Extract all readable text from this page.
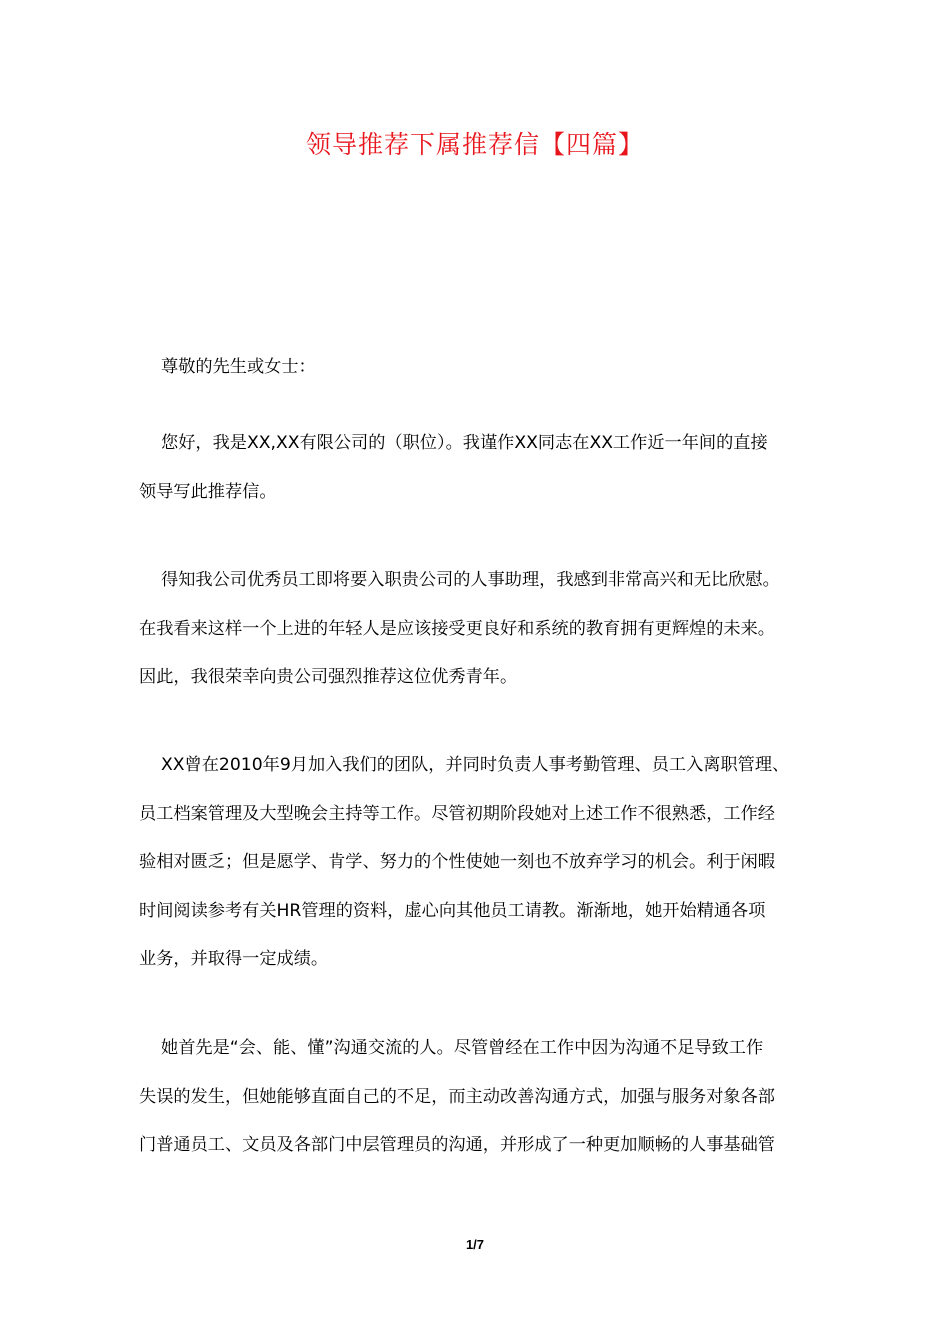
领导推荐下属推荐信【四篇】

尊敬的先生或女士：

您好，我是XX,XX有限公司的（职位）。我谨作XX同志在XX工作近一年间的直接
领导写此推荐信。

得知我公司优秀员工即将要入职贵公司的人事助理，我感到非常高兴和无比欣慰。
在我看来这样一个上进的年轻人是应该接受更良好和系统的教育拥有更辉煌的未来。
因此，我很荣幸向贵公司强烈推荐这位优秀青年。

XX曾在2010年9月加入我们的团队，并同时负责人事考勤管理、员工入离职管理、
员工档案管理及大型晚会主持等工作。尽管初期阶段她对上述工作不很熟悉，工作经
验相对匮乏；但是愿学、肯学、努力的个性使她一刻也不放弃学习的机会。利于闲暇
时间阅读参考有关HR管理的资料，虚心向其他员工请教。渐渐地，她开始精通各项
业务，并取得一定成绩。

她首先是“会、能、懂”沟通交流的人。尽管曾经在工作中因为沟通不足导致工作
失误的发生，但她能够直面自己的不足，而主动改善沟通方式，加强与服务对象各部
门普通员工、文员及各部门中层管理员的沟通，并形成了一种更加顺畅的人事基础管

1/7
